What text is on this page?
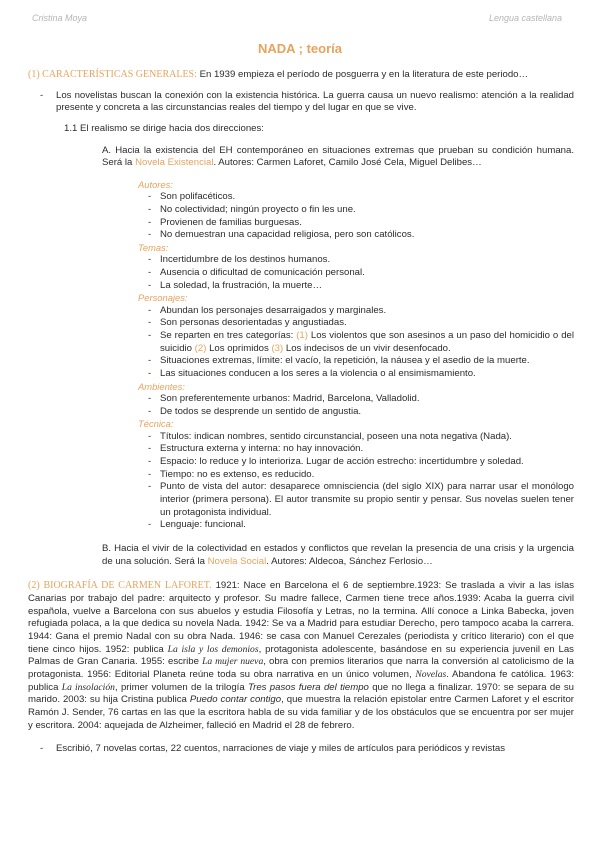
Cristina Moya	Lengua castellana
NADA ; teoría
(1) CARACTERÍSTICAS GENERALES: En 1939 empieza el período de posguerra y en la literatura de este periodo…
-	Los novelistas buscan la conexión con la existencia histórica. La guerra causa un nuevo realismo: atención a la realidad presente y concreta a las circunstancias reales del tiempo y del lugar en que se vive.
1.1 El realismo se dirige hacia dos direcciones:
A. Hacia la existencia del EH contemporáneo en situaciones extremas que prueban su condición humana. Será la Novela Existencial. Autores: Carmen Laforet, Camilo José Cela, Miguel Delibes…
Autores:
- Son polifacéticos.
- No colectividad; ningún proyecto o fin les une.
- Provienen de familias burguesas.
- No demuestran una capacidad religiosa, pero son católicos.
Temas:
- Incertidumbre de los destinos humanos.
- Ausencia o dificultad de comunicación personal.
- La soledad, la frustración, la muerte…
Personajes:
- Abundan los personajes desarraigados y marginales.
- Son personas desorientadas y angustiadas.
- Se reparten en tres categorías: (1) Los violentos que son asesinos a un paso del homicidio o del suicidio (2) Los oprimidos (3) Los indecisos de un vivir desenfocado.
- Situaciones extremas, límite: el vacío, la repetición, la náusea y el asedio de la muerte.
- Las situaciones conducen a los seres a la violencia o al ensimismamiento.
Ambientes:
- Son preferentemente urbanos: Madrid, Barcelona, Valladolid.
- De todos se desprende un sentido de angustia.
Técnica:
- Títulos: indican nombres, sentido circunstancial, poseen una nota negativa (Nada).
- Estructura externa y interna: no hay innovación.
- Espacio: lo reduce y lo interioriza. Lugar de acción estrecho: incertidumbre y soledad.
- Tiempo: no es extenso, es reducido.
- Punto de vista del autor: desaparece omnisciencia (del siglo XIX) para narrar usar el monólogo interior (primera persona). El autor transmite su propio sentir y pensar. Sus novelas suelen tener un protagonista individual.
- Lenguaje: funcional.
B. Hacia el vivir de la colectividad en estados y conflictos que revelan la presencia de una crisis y la urgencia de una solución. Será la Novela Social. Autores: Aldecoa, Sánchez Ferlosio…
(2) BIOGRAFÍA DE CARMEN LAFORET. 1921: Nace en Barcelona el 6 de septiembre.1923: Se traslada a vivir a las islas Canarias por trabajo del padre: arquitecto y profesor. Su madre fallece, Carmen tiene trece años.1939: Acaba la guerra civil española, vuelve a Barcelona con sus abuelos y estudia Filosofía y Letras, no la termina. Allí conoce a Linka Babecka, joven refugiada polaca, a la que dedica su novela Nada. 1942: Se va a Madrid para estudiar Derecho, pero tampoco acaba la carrera. 1944: Gana el premio Nadal con su obra Nada. 1946: se casa con Manuel Cerezales (periodista y crítico literario) con el que tiene cinco hijos. 1952: publica La isla y los demonios, protagonista adolescente, basándose en su experiencia juvenil en Las Palmas de Gran Canaria. 1955: escribe La mujer nueva, obra con premios literarios que narra la conversión al catolicismo de la protagonista. 1956: Editorial Planeta reúne toda su obra narrativa en un único volumen, Novelas. Abandona fe católica. 1963: publica La insolación, primer volumen de la trilogía Tres pasos fuera del tiempo que no llega a finalizar. 1970: se separa de su marido. 2003: su hija Cristina publica Puedo contar contigo, que muestra la relación epistolar entre Carmen Laforet y el escritor Ramón J. Sender, 76 cartas en las que la escritora habla de su vida familiar y de los obstáculos que se encuentra por ser mujer y escritora. 2004: aquejada de Alzheimer, falleció en Madrid el 28 de febrero.
-	Escribió, 7 novelas cortas, 22 cuentos, narraciones de viaje y miles de artículos para periódicos y revistas
